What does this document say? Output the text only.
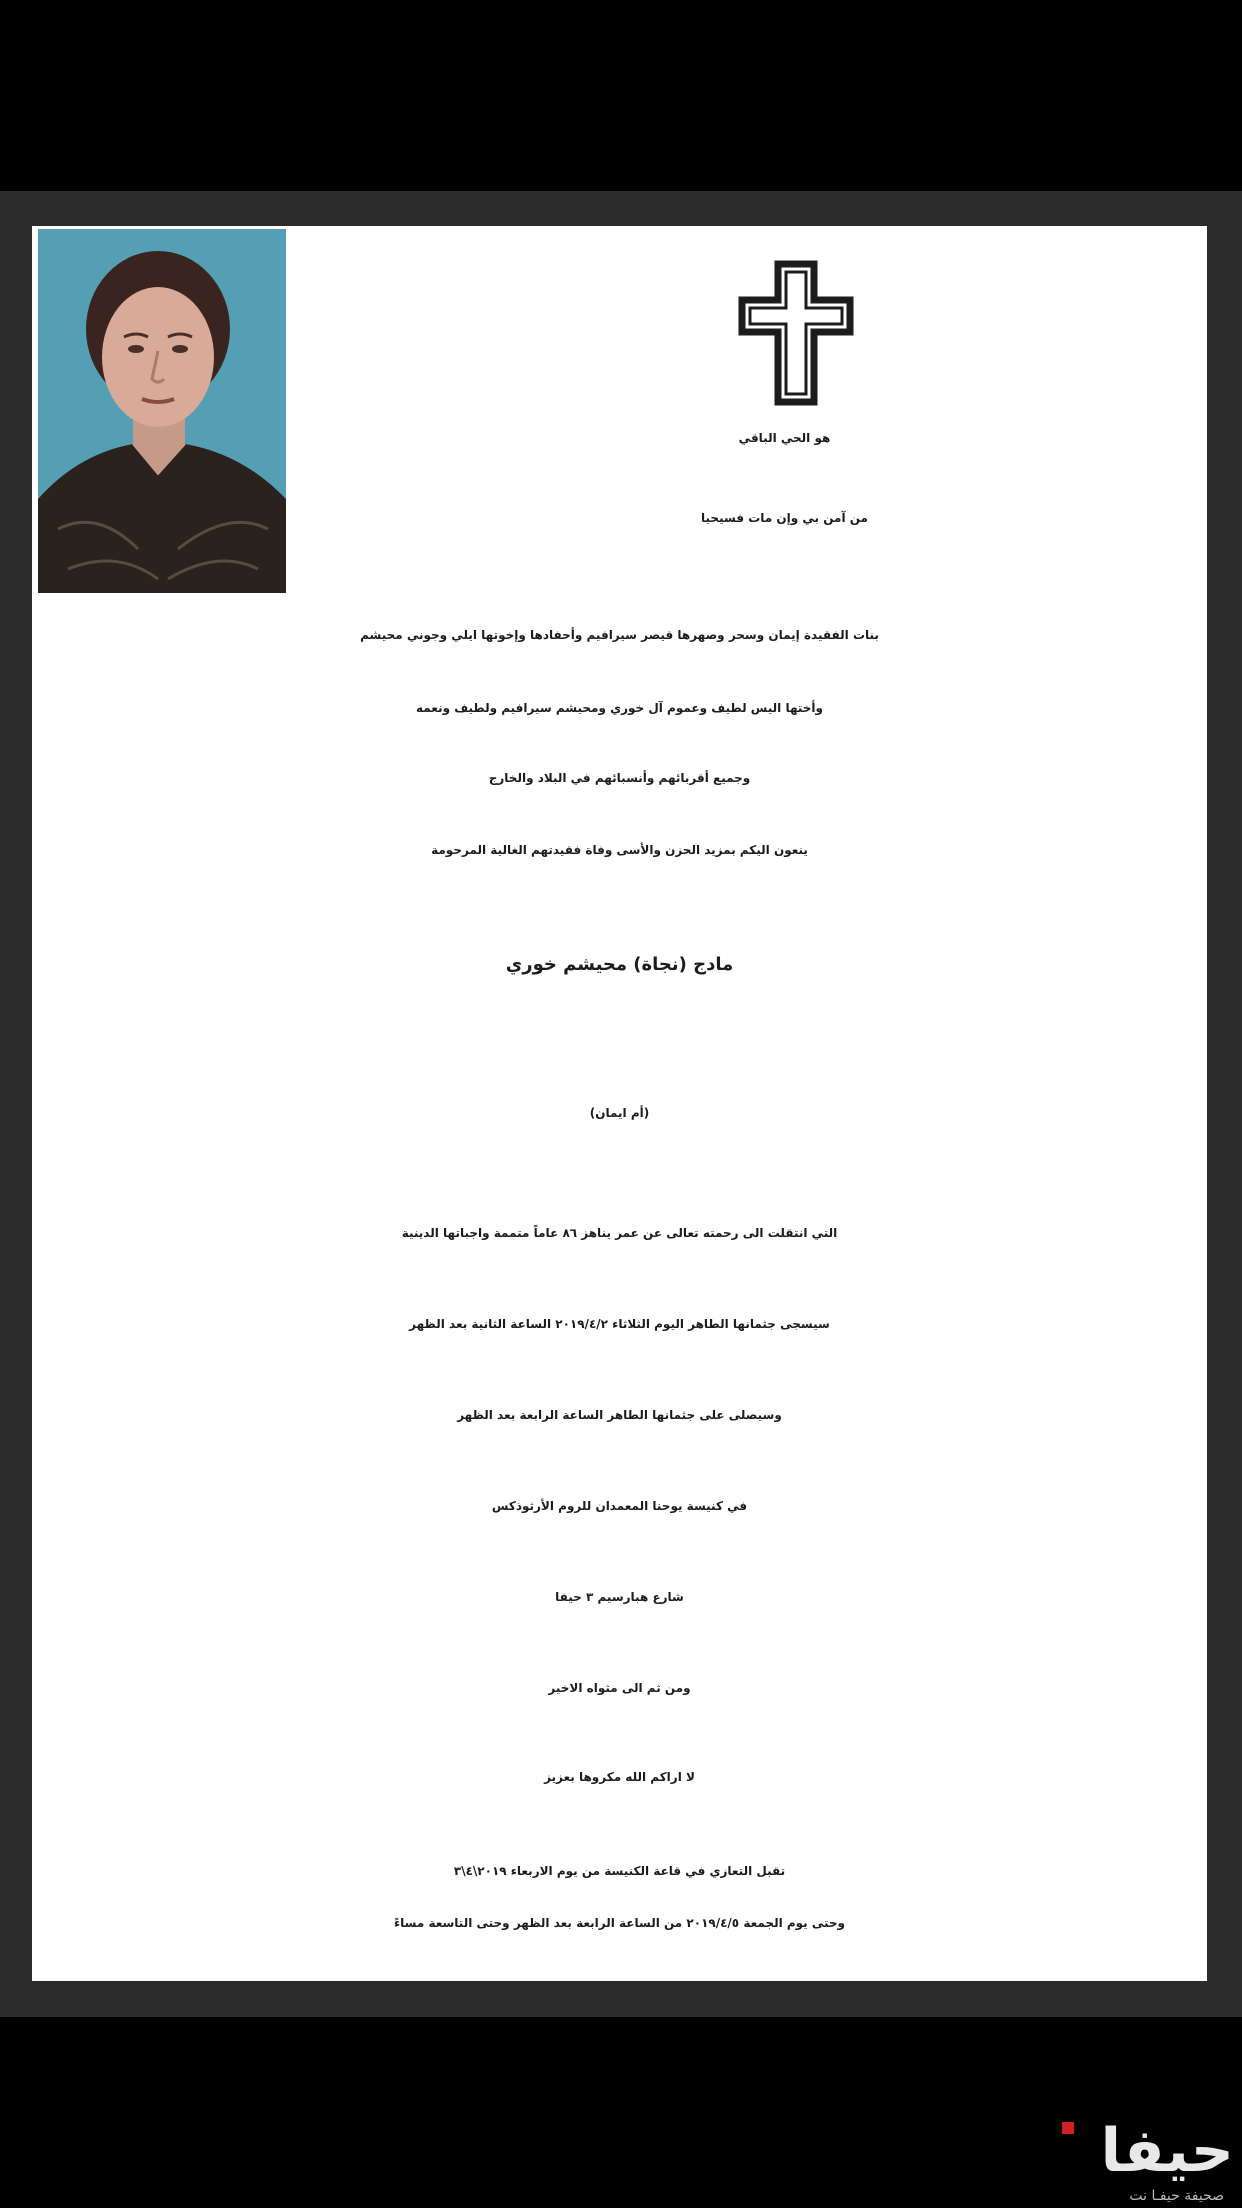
هو الحي الباقي
من آمن بي وإن مات فسيحيا
بنات الفقيدة إيمان وسحر وصهرها قيصر سيرافيم وأحفادها وإخوتها ايلي وجوني محيشم
وأختها اليس لطيف وعموم آل خوري ومحيشم سيرافيم ولطيف ونعمه
وجميع أقربائهم وأنسبائهم في البلاد والخارج
ينعون اليكم بمزيد الحزن والأسى وفاة فقيدتهم الغالية المرحومة
مادج (نجاة) محيشم خوري
(أم ايمان)
التي انتقلت الى رحمته تعالى عن عمر يناهز ٨٦ عاماً متممة واجباتها الدينية
سيسجى جثمانها الطاهر اليوم الثلاثاء ٢٠١٩/٤/٢ الساعة الثانية بعد الظهر
وسيصلى على جثمانها الطاهر الساعة الرابعة بعد الظهر
في كنيسة يوحنا المعمدان للروم الأرثوذكس
شارع هبارسيم ٣ حيفا
ومن ثم الى مثواه الاخير
لا اراكم الله مكروها بعزيز
تقبل التعازي في قاعة الكنيسة من يوم الاربعاء ٢٠١٩\٤\٣
وحتى يوم الجمعة ٢٠١٩/٤/٥ من الساعة الرابعة بعد الظهر وحتى التاسعة مساءً
حيفا
صحيفة حيفـا نت
